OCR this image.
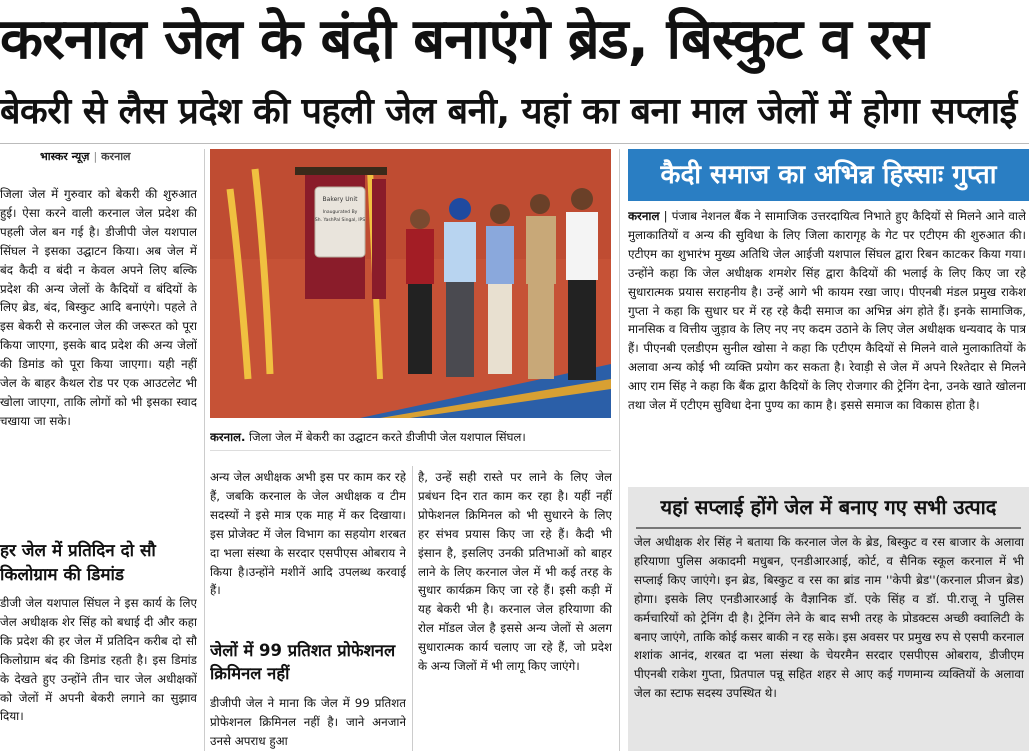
करनाल जेल के बंदी बनाएंगे ब्रेड, बिस्कुट व रस
बेकरी से लैस प्रदेश की पहली जेल बनी, यहां का बना माल जेलों में होगा सप्लाई
भास्कर न्यूज़ | करनाल
जिला जेल में गुरुवार को बेकरी की शुरुआत हुई। ऐसा करने वाली करनाल जेल प्रदेश की पहली जेल बन गई है। डीजीपी जेल यशपाल सिंघल ने इसका उद्घाटन किया। अब जेल में बंद कैदी व बंदी न केवल अपने लिए बल्कि प्रदेश की अन्य जेलों के कैदियों व बंदियों के लिए ब्रेड, बंद, बिस्कुट आदि बनाएंगे। पहले ते इस बेकरी से करनाल जेल की जरूरत को पूरा किया जाएगा, इसके बाद प्रदेश की अन्य जेलों की डिमांड को पूरा किया जाएगा। यही नहीं जेल के बाहर कैथल रोड पर एक आउटलेट भी खोला जाएगा, ताकि लोगों को भी इसका स्वाद चखाया जा सके।
हर जेल में प्रतिदिन दो सौ किलोग्राम की डिमांड
डीजी जेल यशपाल सिंघल ने इस कार्य के लिए जेल अधीक्षक शेर सिंह को बधाई दी और कहा कि प्रदेश की हर जेल में प्रतिदिन करीब दो सौ किलोग्राम बंद की डिमांड रहती है। इस डिमांड के देखते हुए उन्होंने तीन चार जेल अधीक्षकों को जेलों में अपनी बेकरी लगाने का सुझाव दिया।
Bakery Unit
Inaugurated By
Sh. YashPal Singal, IPS
करनाल. जिला जेल में बेकरी का उद्घाटन करते डीजीपी जेल यशपाल सिंघल।
अन्य जेल अधीक्षक अभी इस पर काम कर रहे हैं, जबकि करनाल के जेल अधीक्षक व टीम सदस्यों ने इसे मात्र एक माह में कर दिखाया। इस प्रोजेक्ट में जेल विभाग का सहयोग शरबत दा भला संस्था के सरदार एसपीएस ओबराय ने किया है।उन्होंने मशीनें आदि उपलब्ध करवाई हैं।
जेलों में 99 प्रतिशत प्रोफेशनल क्रिमिनल नहीं
डीजीपी जेल ने माना कि जेल में 99 प्रतिशत प्रोफेशनल क्रिमिनल नहीं है। जाने अनजाने उनसे अपराध हुआ
है, उन्हें सही रास्ते पर लाने के लिए जेल प्रबंधन दिन रात काम कर रहा है। यहीं नहीं प्रोफेशनल क्रिमिनल को भी सुधारने के लिए हर संभव प्रयास किए जा रहे हैं। कैदी भी इंसान है, इसलिए उनकी प्रतिभाओं को बाहर लाने के लिए करनाल जेल में भी कई तरह के सुधार कार्यक्रम किए जा रहे हैं। इसी कड़ी में यह बेकरी भी है। करनाल जेल हरियाणा की रोल मॉडल जेल है इससे अन्य जेलों से अलग सुधारात्मक कार्य चलाए जा रहे हैं, जो प्रदेश के अन्य जिलों में भी लागू किए जाएंगे।
कैदी समाज का अभिन्न हिस्साः गुप्ता
करनाल | पंजाब नेशनल बैंक ने सामाजिक उत्तरदायित्व निभाते हुए कैदियों से मिलने आने वाले मुलाकातियों व अन्य की सुविधा के लिए जिला कारागृह के गेट पर एटीएम की शुरुआत की। एटीएम का शुभारंभ मुख्य अतिथि जेल आईजी यशपाल सिंघल द्वारा रिबन काटकर किया गया। उन्होंने कहा कि जेल अधीक्षक शमशेर सिंह द्वारा कैदियों की भलाई के लिए किए जा रहे सुधारात्मक प्रयास सराहनीय है। उन्हें आगे भी कायम रखा जाए। पीएनबी मंडल प्रमुख राकेश गुप्ता ने कहा कि सुधार घर में रह रहे कैदी समाज का अभिन्न अंग होते हैं। इनके सामाजिक, मानसिक व वित्तीय जुड़ाव के लिए नए नए कदम उठाने के लिए जेल अधीक्षक धन्यवाद के पात्र हैं। पीएनबी एलडीएम सुनील खोसा ने कहा कि एटीएम कैदियों से मिलने वाले मुलाकातियों के अलावा अन्य कोई भी व्यक्ति प्रयोग कर सकता है। रेवाड़ी से जेल में अपने रिश्तेदार से मिलने आए राम सिंह ने कहा कि बैंक द्वारा कैदियों के लिए रोजगार की ट्रेनिंग देना, उनके खाते खोलना तथा जेल में एटीएम सुविधा देना पुण्य का काम है। इससे समाज का विकास होता है।
यहां सप्लाई होंगे जेल में बनाए गए सभी उत्पाद
जेल अधीक्षक शेर सिंह ने बताया कि करनाल जेल के ब्रेड, बिस्कुट व रस बाजार के अलावा हरियाणा पुलिस अकादमी मधुबन, एनडीआरआई, कोर्ट, व सैनिक स्कूल करनाल में भी सप्लाई किए जाएंगे। इन ब्रेड, बिस्कुट व रस का ब्रांड नाम ''केपी ब्रेड''(करनाल प्रीजन ब्रेड) होगा। इसके लिए एनडीआरआई के वैज्ञानिक डॉ. एके सिंह व डॉ. पी.राजू ने पुलिस कर्मचारियों को ट्रेनिंग दी है। ट्रेनिंग लेने के बाद सभी तरह के प्रोडक्टस अच्छी क्वालिटी के बनाए जाएंगे, ताकि कोई कसर बाकी न रह सके। इस अवसर पर प्रमुख रुप से एसपी करनाल शशांक आनंद, शरबत दा भला संस्था के चेयरमैन सरदार एसपीएस ओबराय, डीजीएम पीएनबी राकेश गुप्ता, प्रितपाल पन्नू सहित शहर से आए कई गणमान्य व्यक्तियों के अलावा जेल का स्टाफ सदस्य उपस्थित थे।
